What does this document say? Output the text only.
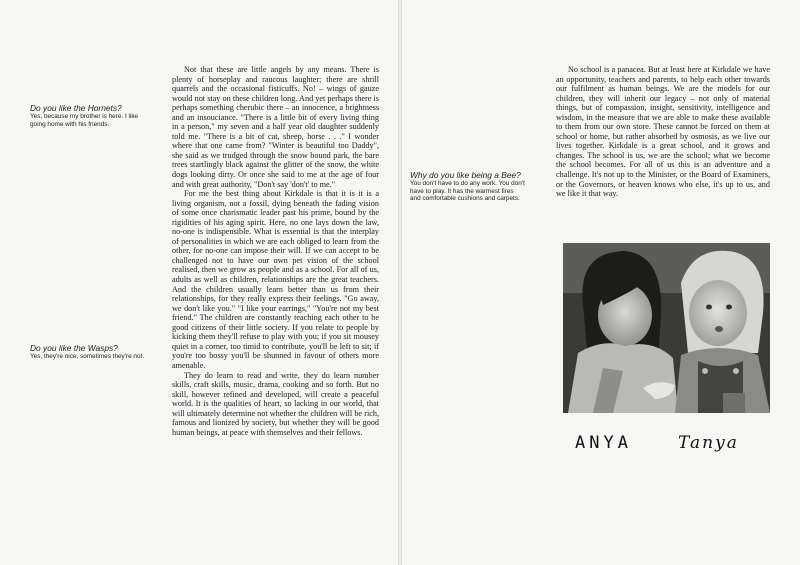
Do you like the Hornets?

Yes, because my brother is here. I like going home with his friends.

Do you like the Wasps?

Yes, they're nice, sometimes they're not.

Why do you like being a Bee?

You don't have to do any work. You don't have to play. It has the warmest fires and comfortable cushions and carpets.

Not that these are little angels by any means. There is plenty of horseplay and raucous laughter; there are shrill quarrels and the occasional fisticuffs. No! – wings of gauze would not stay on these children long. And yet perhaps there is perhaps something cherubic there – an innocence, a brightness and an insouciance. "There is a little bit of every living thing in a person," my seven and a half year old daughter suddenly told me. "There is a bit of cat, sheep, horse . . ." I wonder where that one came from? "Winter is beautiful too Daddy", she said as we trudged through the snow bound park, the bare trees startlingly black against the glitter of the snow, the white dogs looking dirty. Or once she said to me at the age of four and with great authority, "Don't say 'don't' to me."

For me the best thing about Kirkdale is that it is it is a living organism, not a fossil, dying beneath the fading vision of some once charismatic leader past his prime, bound by the rigidities of his aging spirit. Here, no one lays down the law, no-one is indispensible. What is essential is that the interplay of personalities in which we are each obliged to learn from the other, for no-one can impose their will. If we can accept to be challenged not to have our own pet vision of the school realised, then we grow as people and as a school. For all of us, adults as well as children, relationships are the great teachers. And the children usually learn better than us from their relationships, for they really express their feelings. "Go away, we don't like you." "I like your earrings," "You're not my best friend." The children are constantly teaching each other to be good citizens of their little society. If you relate to people by kicking them they'll refuse to play with you; if you sit mousey quiet in a corner, too timid to contribute, you'll be left to sit; if you're too bossy you'll be shunned in favour of others more amenable.

They do learn to read and write, they do learn number skills, craft skills, music, drama, cooking and so forth. But no skill, however refined and developed, will create a peaceful world. It is the qualities of heart, so lacking in our world, that will ultimately determine not whether the children will be rich, famous and lionized by society, but whether they will be good human beings, at peace with themselves and their fellows.

No school is a panacea. But at least here at Kirkdale we have an opportunity, teachers and parents, to help each other towards our fulfilment as human beings. We are the models for our children, they will inherit our legacy – not only of material things, but of compassion, insight, sensitivity, intelligence and wisdom, in the measure that we are able to make these available to them from our own store. These cannot be forced on them at school or home, but rather absorbed by osmosis, as we live our lives together. Kirkdale is a great school, and it grows and changes. The school is us, we are the school; what we become the school becomes. For all of us this is an adventure and a challenge. It's not up to the Minister, or the Board of Examiners, or the Governors, or heaven knows who else, it's up to us, and we like it that way.

ANYA	Tanya
